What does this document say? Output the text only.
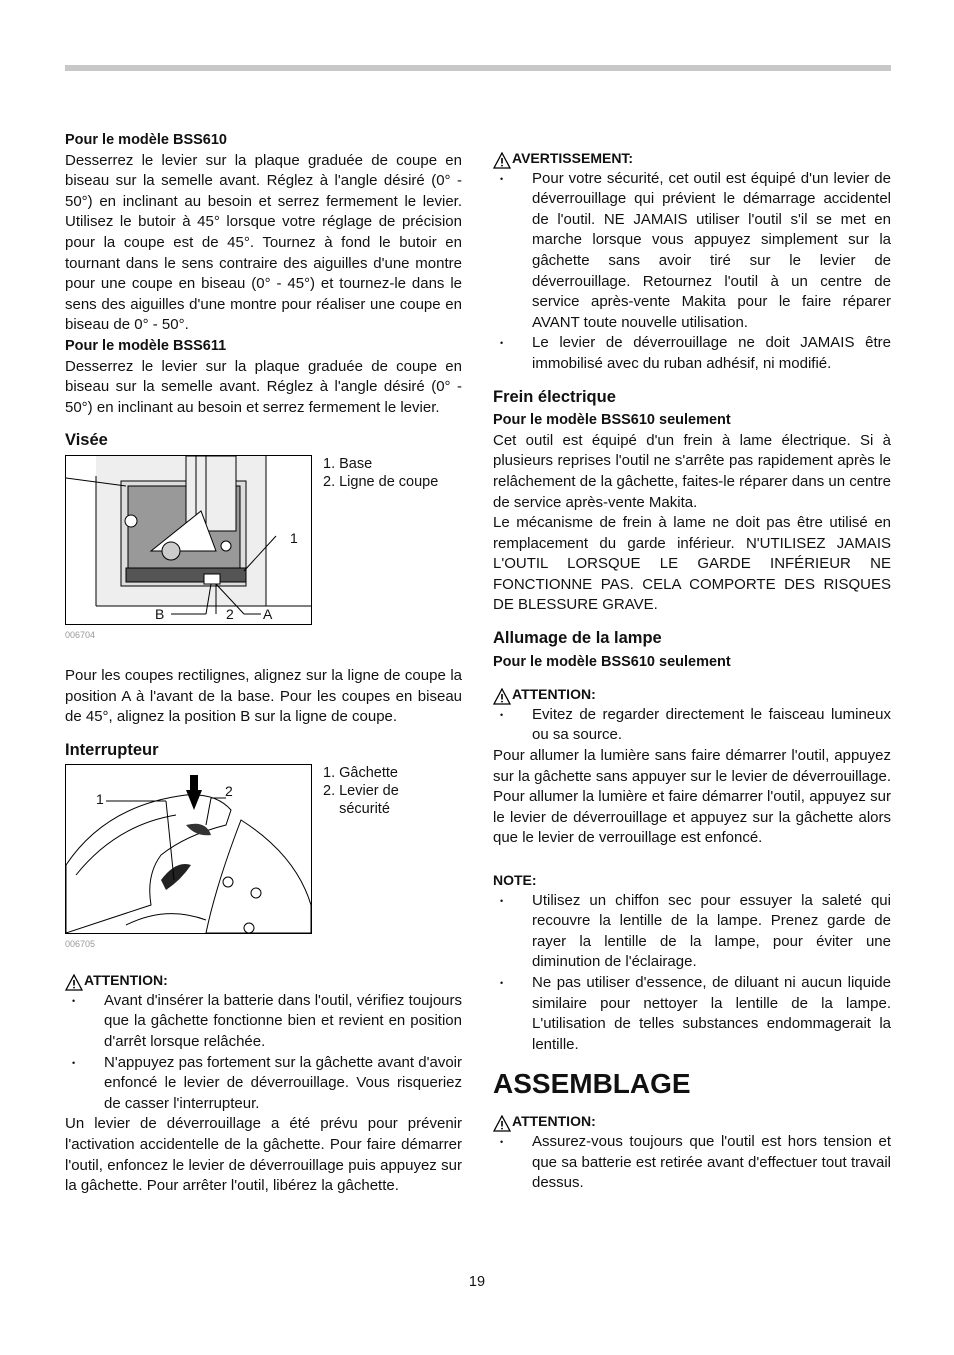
Pour le modèle BSS610

Desserrez le levier sur la plaque graduée de coupe en biseau sur la semelle avant. Réglez à l'angle désiré (0° - 50°) en inclinant au besoin et serrez fermement le levier. Utilisez le butoir à 45° lorsque votre réglage de précision pour la coupe est de 45°. Tournez à fond le butoir en tournant dans le sens contraire des aiguilles d'une montre pour une coupe en biseau (0° - 45°) et tournez-le dans le sens des aiguilles d'une montre pour réaliser une coupe en biseau de 0° - 50°.

Pour le modèle BSS611

Desserrez le levier sur la plaque graduée de coupe en biseau sur la semelle avant. Réglez à l'angle désiré (0° - 50°) en inclinant au besoin et serrez fermement le levier.

Visée
1
B	2 A
1. Base
2. Ligne de coupe
006704

Pour les coupes rectilignes, alignez sur la ligne de coupe la position A à l'avant de la base. Pour les coupes en biseau de 45°, alignez la position B sur la ligne de coupe.

Interrupteur
1	2
1. Gâchette
2. Levier de
sécurité
006705
ATTENTION:
• Avant d'insérer la batterie dans l'outil, vérifiez toujours que la gâchette fonctionne bien et revient en position d'arrêt lorsque relâchée.
• N'appuyez pas fortement sur la gâchette avant d'avoir enfoncé le levier de déverrouillage. Vous risqueriez de casser l'interrupteur.

Un levier de déverrouillage a été prévu pour prévenir l'activation accidentelle de la gâchette. Pour faire démarrer l'outil, enfoncez le levier de déverrouillage puis appuyez sur la gâchette. Pour arrêter l'outil, libérez la gâchette.

AVERTISSEMENT:
• Pour votre sécurité, cet outil est équipé d'un levier de déverrouillage qui prévient le démarrage accidentel de l'outil. NE JAMAIS utiliser l'outil s'il se met en marche lorsque vous appuyez simplement sur la gâchette sans avoir tiré sur le levier de déverrouillage. Retournez l'outil à un centre de service après-vente Makita pour le faire réparer AVANT toute nouvelle utilisation.
• Le levier de déverrouillage ne doit JAMAIS être immobilisé avec du ruban adhésif, ni modifié.
Frein électrique

Pour le modèle BSS610 seulement

Cet outil est équipé d'un frein à lame électrique. Si à plusieurs reprises l'outil ne s'arrête pas rapidement après le relâchement de la gâchette, faites-le réparer dans un centre de service après-vente Makita.

Le mécanisme de frein à lame ne doit pas être utilisé en remplacement du garde inférieur. N'UTILISEZ JAMAIS L'OUTIL LORSQUE LE GARDE INFÉRIEUR NE FONCTIONNE PAS. CELA COMPORTE DES RISQUES DE BLESSURE GRAVE.

Allumage de la lampe

Pour le modèle BSS610 seulement

ATTENTION:
• Evitez de regarder directement le faisceau lumineux ou sa source.

Pour allumer la lumière sans faire démarrer l'outil, appuyez sur la gâchette sans appuyer sur le levier de déverrouillage. Pour allumer la lumière et faire démarrer l'outil, appuyez sur le levier de déverrouillage et appuyez sur la gâchette alors que le levier de verrouillage est enfoncé.

NOTE:
• Utilisez un chiffon sec pour essuyer la saleté qui recouvre la lentille de la lampe. Prenez garde de rayer la lentille de la lampe, pour éviter une diminution de l'éclairage.
• Ne pas utiliser d'essence, de diluant ni aucun liquide similaire pour nettoyer la lentille de la lampe. L'utilisation de telles substances endommagerait la lentille.
ASSEMBLAGE
ATTENTION:
• Assurez-vous toujours que l'outil est hors tension et que sa batterie est retirée avant d'effectuer tout travail dessus.
19
